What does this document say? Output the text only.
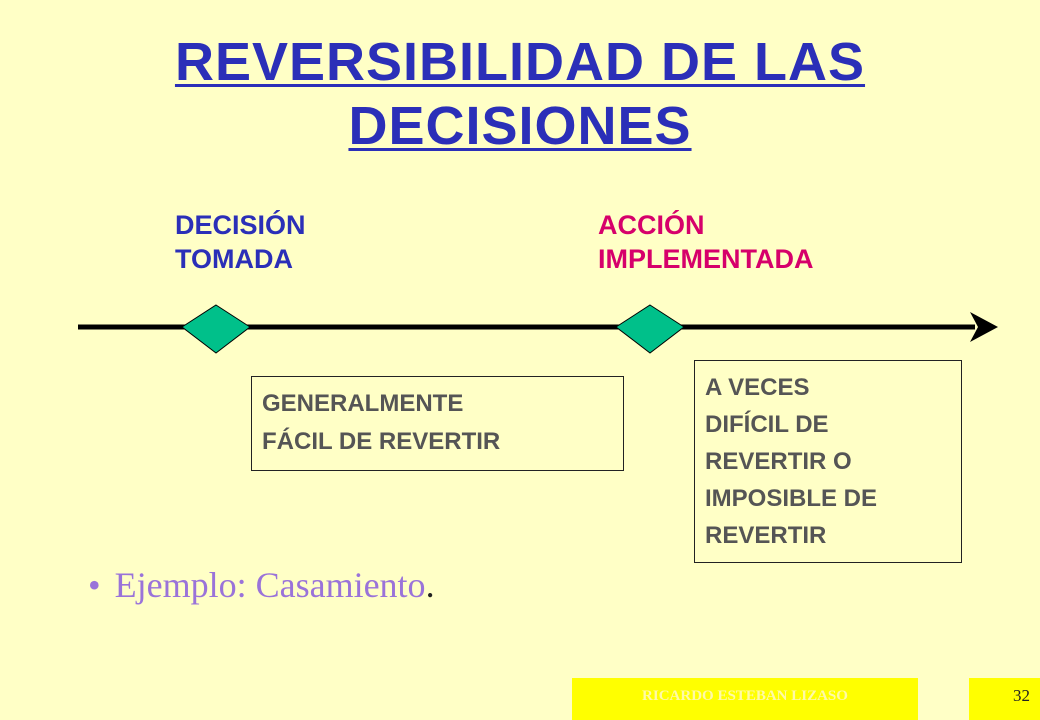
REVERSIBILIDAD DE LAS
DECISIONES
DECISIÓN
TOMADA
ACCIÓN
IMPLEMENTADA
GENERALMENTE
FÁCIL DE REVERTIR
A VECES
DIFÍCIL DE
REVERTIR O
IMPOSIBLE DE
REVERTIR
• Ejemplo: Casamiento.
RICARDO ESTEBAN LIZASO	32
